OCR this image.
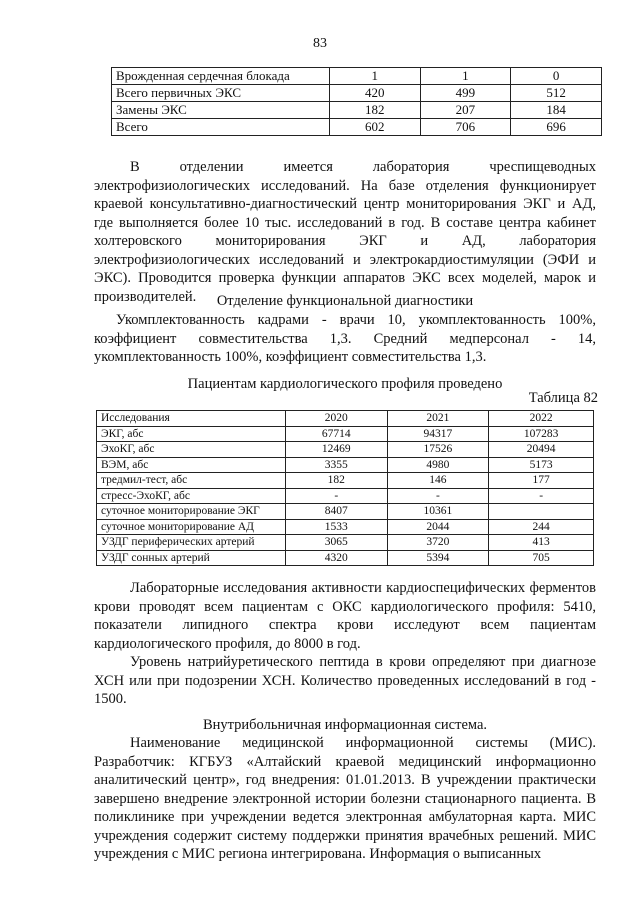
83
Врожденная сердечная блокада	1	1	0
Всего первичных ЭКС	420	499	512
Замены ЭКС	182	207	184
Всего	602	706	696

В отделении имеется лаборатория чреспищеводных электрофизиологических исследований. На базе отделения функционирует краевой консультативно-диагностический центр мониторирования ЭКГ и АД, где выполняется более 10 тыс. исследований в год. В составе центра кабинет холтеровского мониторирования ЭКГ и АД, лаборатория электрофизиологических исследований и электрокардиостимуляции (ЭФИ и ЭКС). Проводится проверка функции аппаратов ЭКС всех моделей, марок и производителей.	Отделение функциональной диагностики

Укомплектованность кадрами - врачи 10, укомплектованность 100%, коэффициент совместительства 1,3. Средний медперсонал - 14, укомплектованность 100%, коэффициент совместительства 1,3.

Пациентам кардиологического профиля проведено

Таблица 82
Исследования	2020	2021	2022
ЭКГ, абс	67714	94317	107283
ЭхоКГ, абс	12469	17526	20494
ВЭМ, абс	3355	4980	5173
тредмил-тест, абс	182	146	177
стресс-ЭхоКГ, абс	-	-	-
суточное мониторирование ЭКГ	8407	10361	
суточное мониторирование АД	1533	2044	244
УЗДГ периферических артерий	3065	3720	413
УЗДГ сонных артерий	4320	5394	705

Лабораторные исследования активности кардиоспецифических ферментов крови проводят всем пациентам с ОКС кардиологического профиля: 5410, показатели липидного спектра крови исследуют всем пациентам кардиологического профиля, до 8000 в год.

Уровень натрийуретического пептида в крови определяют при диагнозе ХСН или при подозрении ХСН. Количество проведенных исследований в год - 1500.

Внутрибольничная информационная система.

Наименование медицинской информационной системы (МИС). Разработчик: КГБУЗ «Алтайский краевой медицинский информационно аналитический центр», год внедрения: 01.01.2013. В учреждении практически завершено внедрение электронной истории болезни стационарного пациента. В поликлинике при учреждении ведется электронная амбулаторная карта. МИС учреждения содержит систему поддержки принятия врачебных решений. МИС учреждения с МИС региона интегрирована. Информация о выписанных
